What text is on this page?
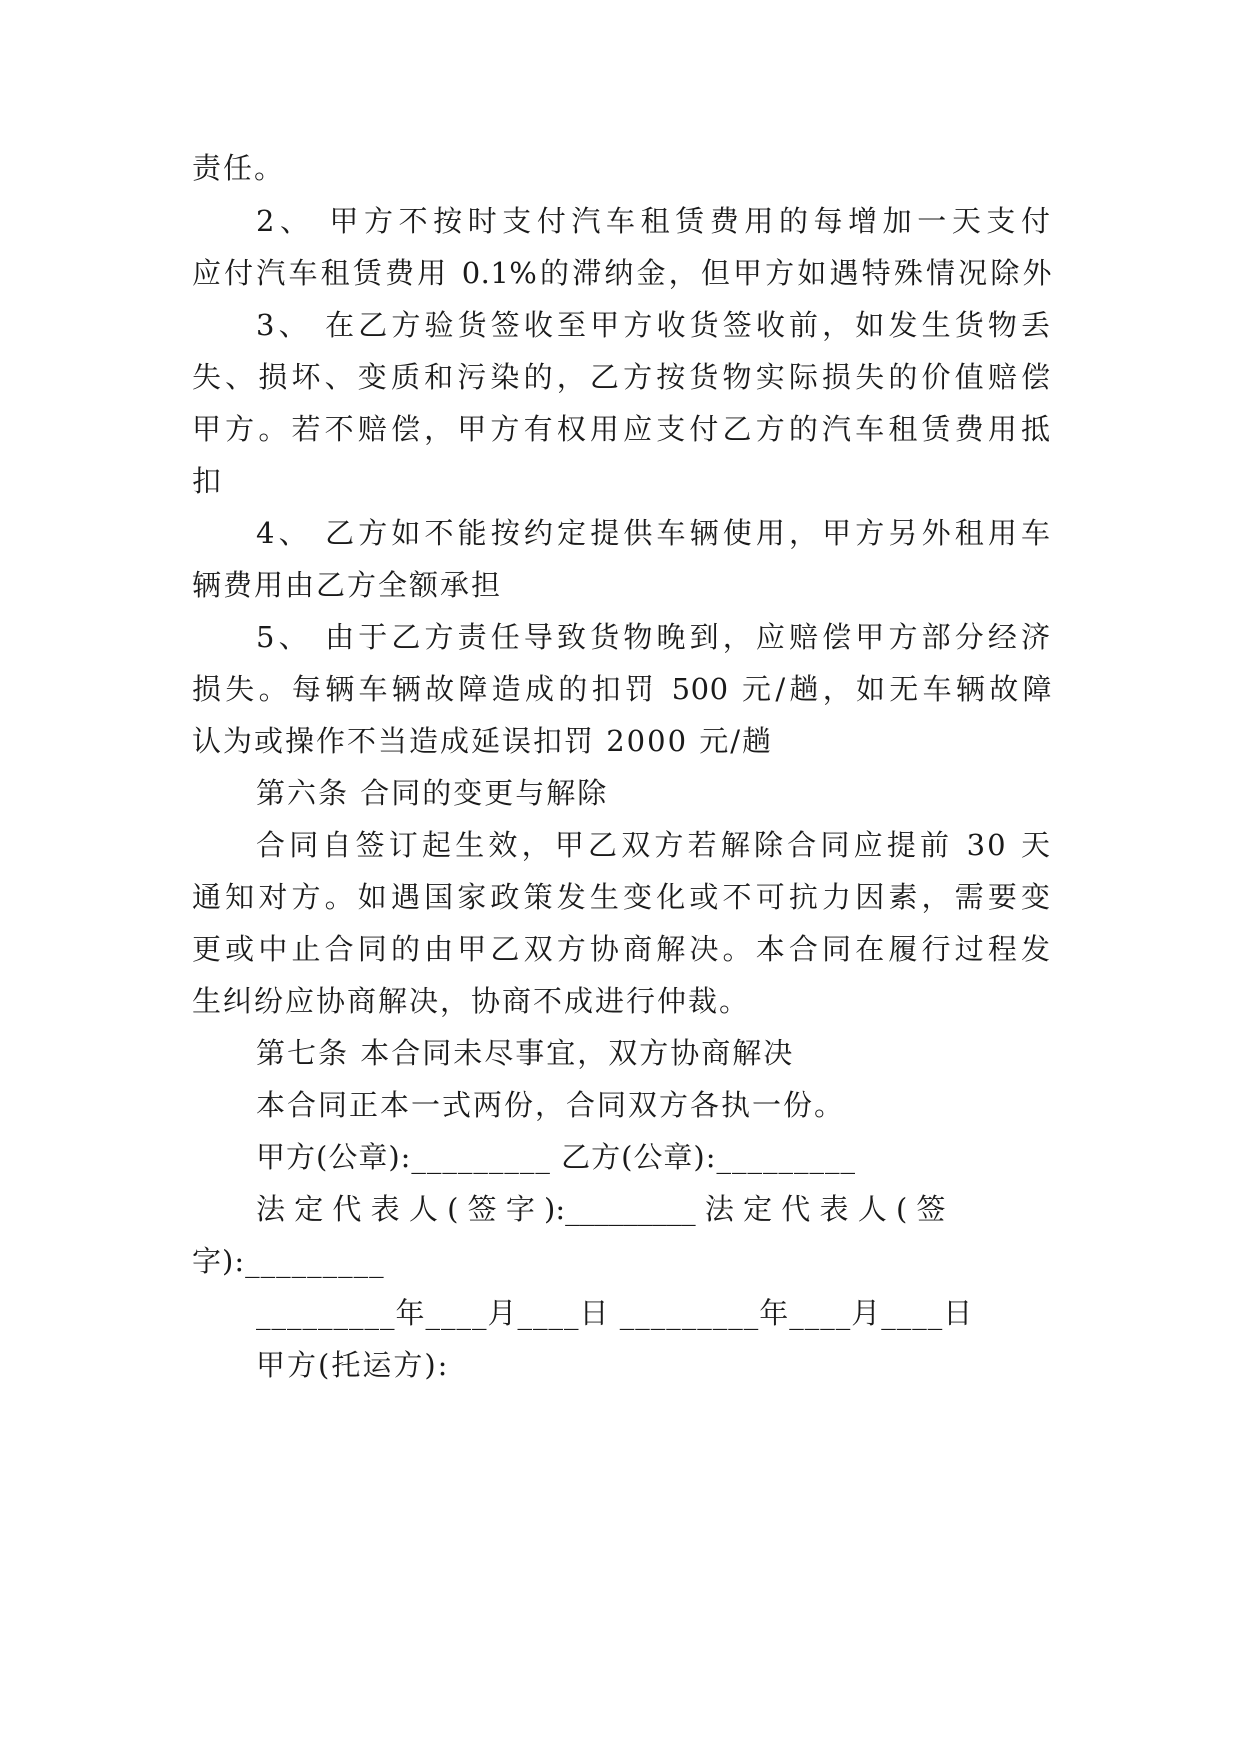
责任。
2、 甲方不按时支付汽车租赁费用的每增加一天支付
应付汽车租赁费用 0.1%的滞纳金，但甲方如遇特殊情况除外
3、 在乙方验货签收至甲方收货签收前，如发生货物丢
失、损坏、变质和污染的，乙方按货物实际损失的价值赔偿
甲方。若不赔偿，甲方有权用应支付乙方的汽车租赁费用抵
扣
4、 乙方如不能按约定提供车辆使用，甲方另外租用车
辆费用由乙方全额承担
5、 由于乙方责任导致货物晚到，应赔偿甲方部分经济
损失。每辆车辆故障造成的扣罚 500 元/趟，如无车辆故障
认为或操作不当造成延误扣罚 2000 元/趟
第六条 合同的变更与解除
合同自签订起生效，甲乙双方若解除合同应提前 30 天
通知对方。如遇国家政策发生变化或不可抗力因素，需要变
更或中止合同的由甲乙双方协商解决。本合同在履行过程发
生纠纷应协商解决，协商不成进行仲裁。
第七条 本合同未尽事宜，双方协商解决
本合同正本一式两份，合同双方各执一份。
甲方(公章):_________ 乙方(公章):_________
法 定 代 表 人 ( 签 字 ):_________ 法 定 代 表 人 ( 签
字):_________
_________年____月____日 _________年____月____日
甲方(托运方):
